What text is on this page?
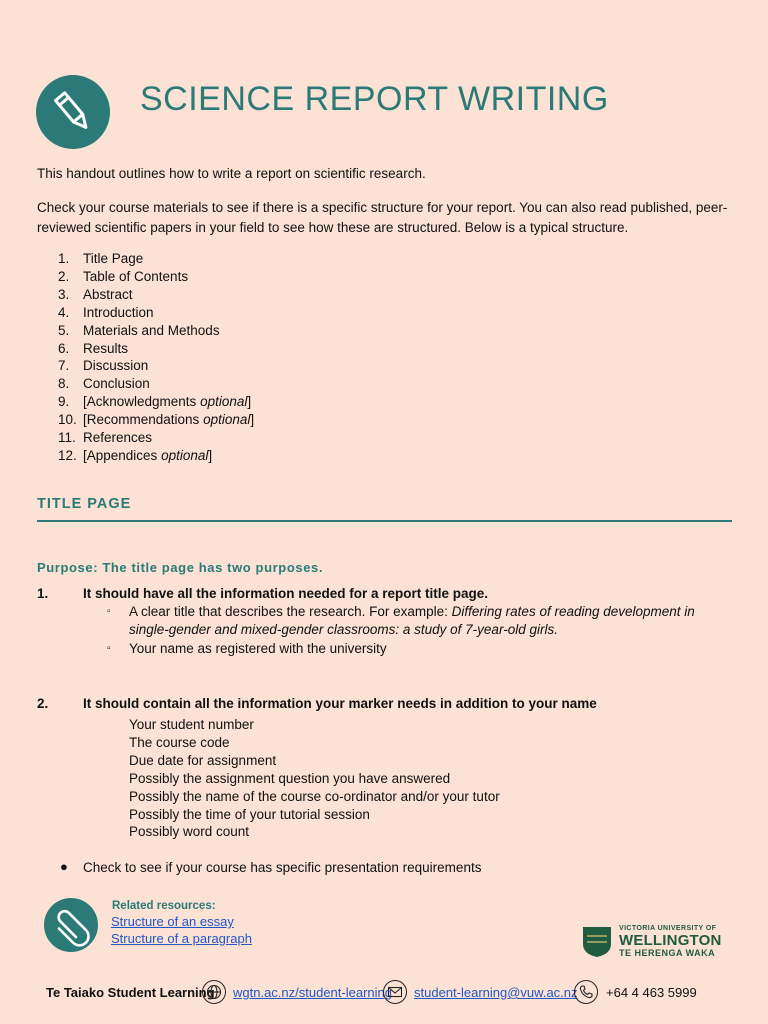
SCIENCE REPORT WRITING
This handout outlines how to write a report on scientific research.
Check your course materials to see if there is a specific structure for your report. You can also read published, peer-reviewed scientific papers in your field to see how these are structured. Below is a typical structure.
1. Title Page
2. Table of Contents
3. Abstract
4. Introduction
5. Materials and Methods
6. Results
7. Discussion
8. Conclusion
9. [Acknowledgments optional]
10. [Recommendations optional]
11. References
12. [Appendices optional]
TITLE PAGE
Purpose: The title page has two purposes.
1.	It should have all the information needed for a report title page.
▫ A clear title that describes the research. For example: Differing rates of reading development in
single-gender and mixed-gender classrooms: a study of 7-year-old girls.
▫ Your name as registered with the university
2.	It should contain all the information your marker needs in addition to your name
Your student number
The course code
Due date for assignment
Possibly the assignment question you have answered
Possibly the name of the course co-ordinator and/or your tutor
Possibly the time of your tutorial session
Possibly word count
● Check to see if your course has specific presentation requirements
Related resources:
Structure of an essay
Structure of a paragraph
VICTORIA UNIVERSITY OF
WELLINGTON
TE HERENGA WAKA
Te Taiako Student Learning wgtn.ac.nz/student-learning student-learning@vuw.ac.nz +64 4 463 5999
